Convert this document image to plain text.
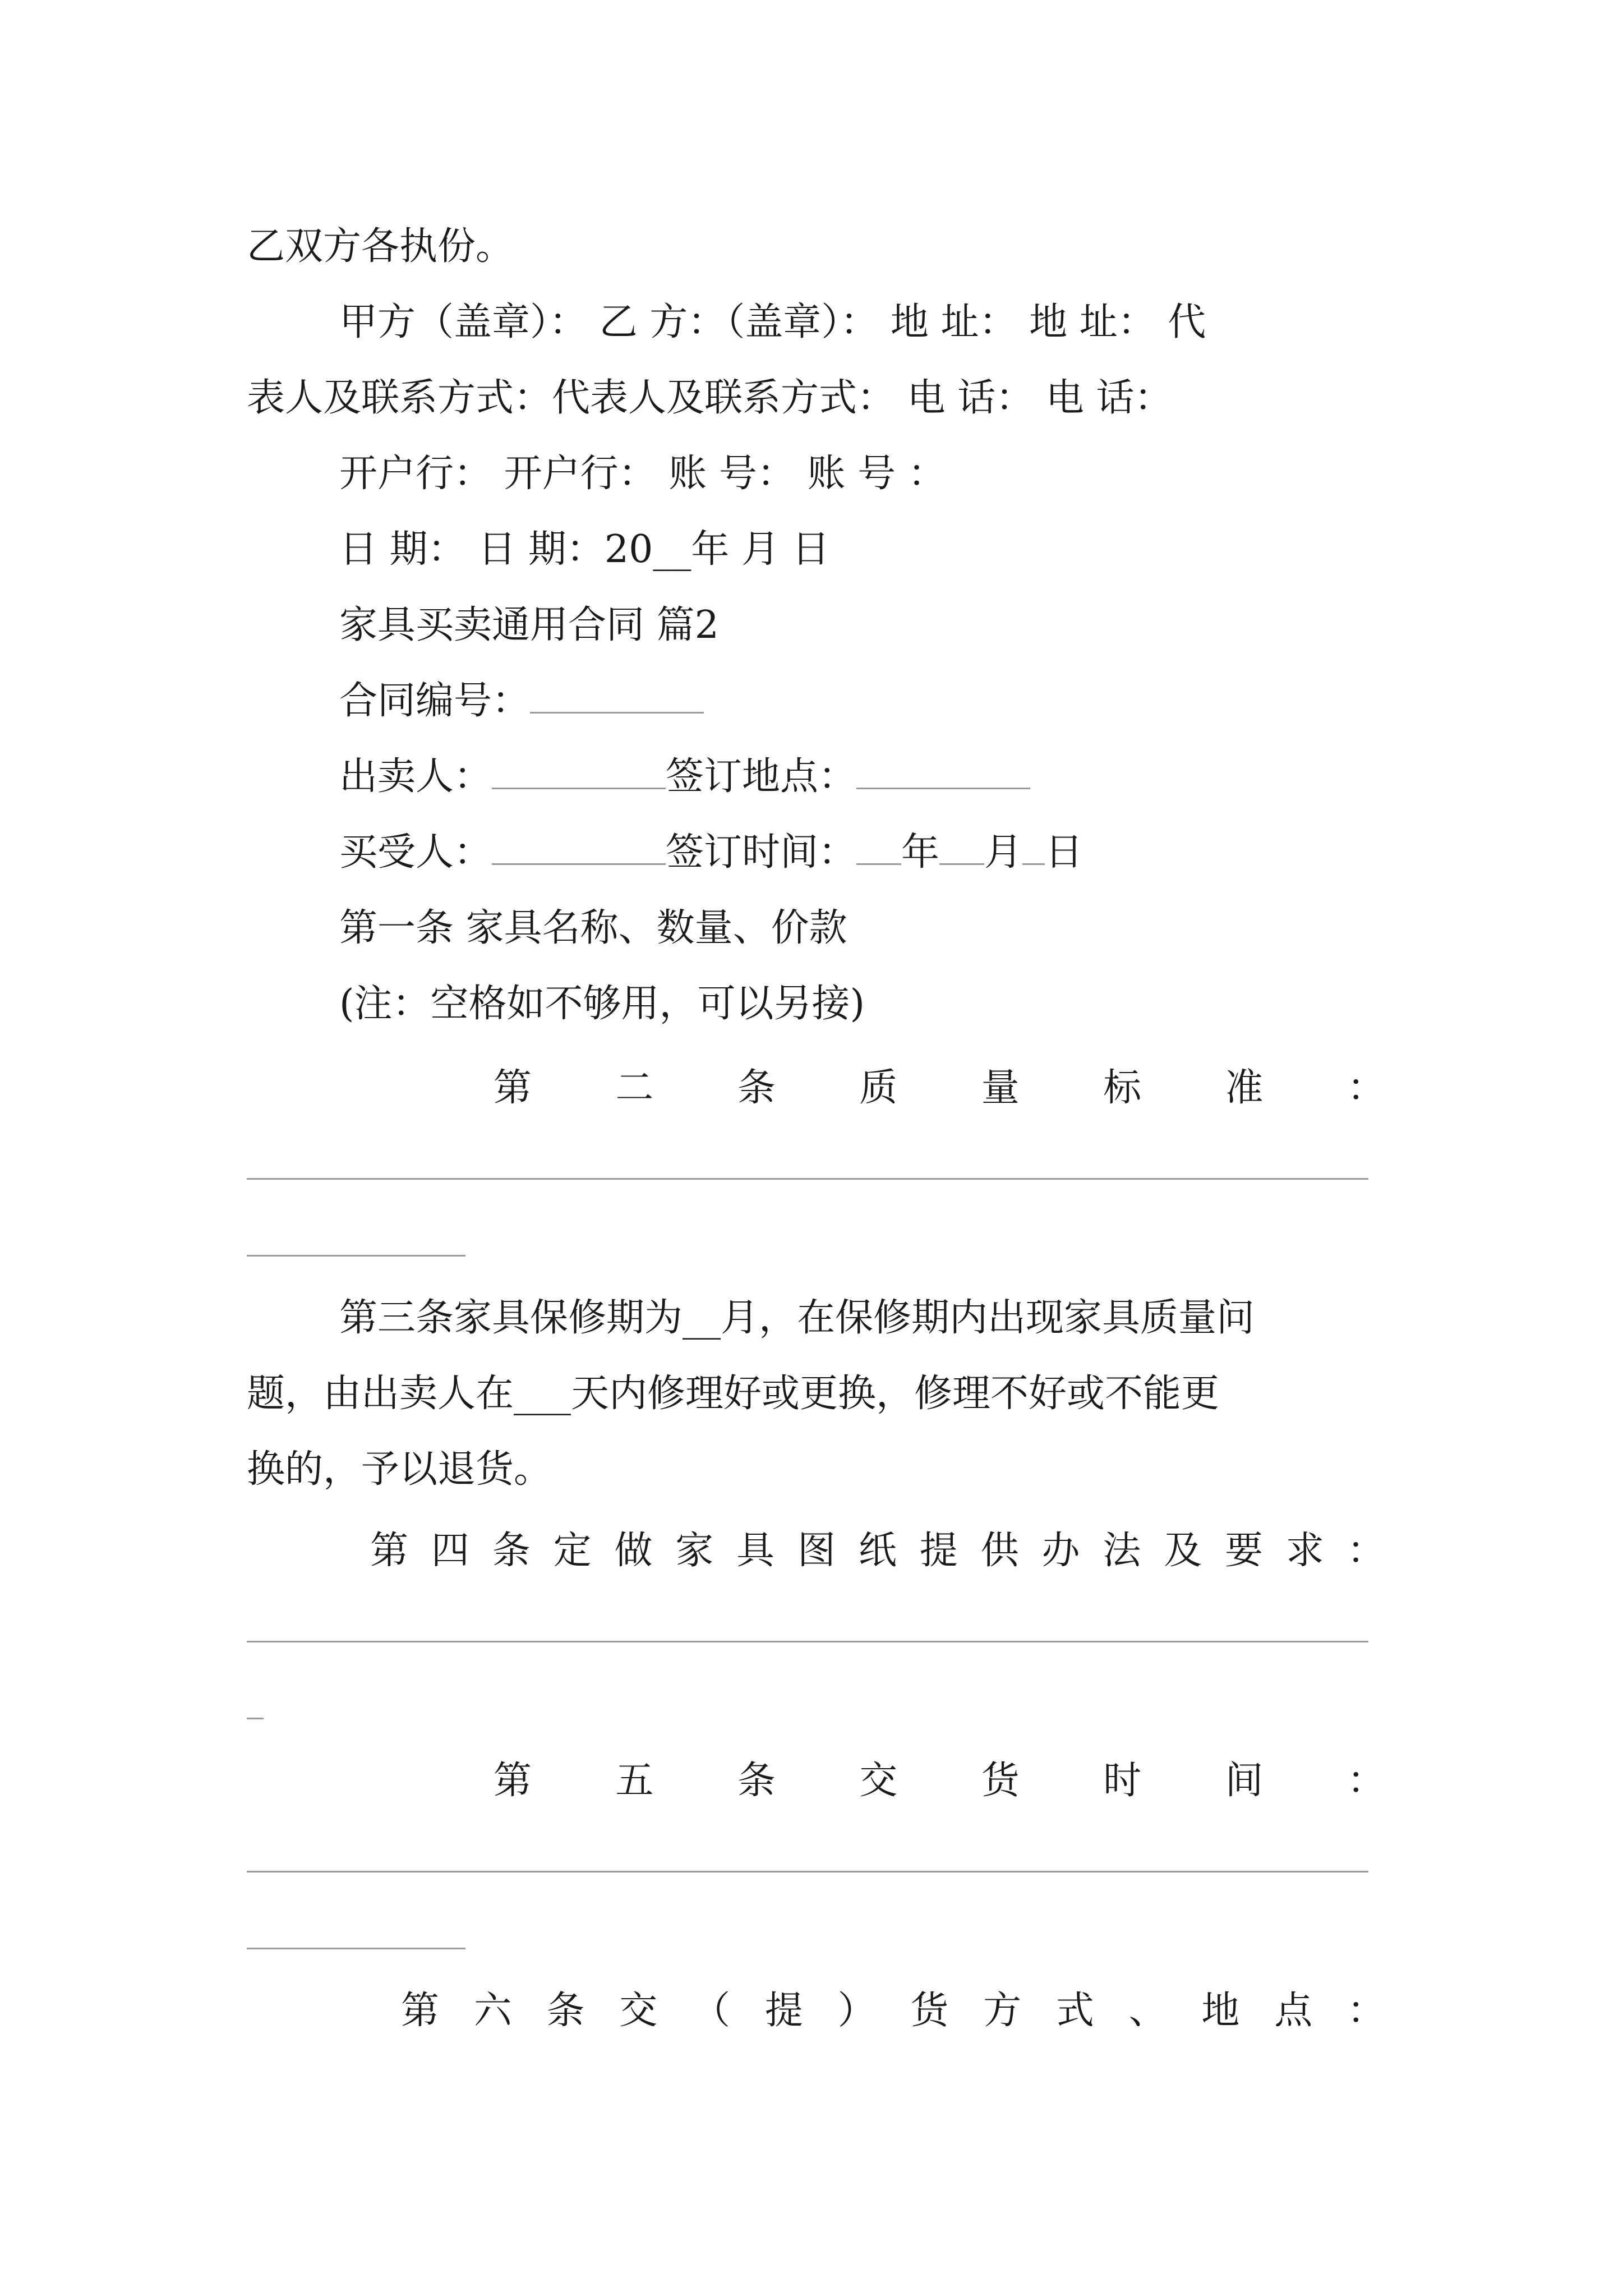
乙双方各执份。
甲方（盖章）： 乙 方：（盖章）： 地 址： 地 址： 代
表人及联系方式：代表人及联系方式： 电 话： 电 话：
开户行： 开户行： 账 号： 账 号 ：
日 期： 日 期：20__年 月 日
家具买卖通用合同 篇2
合同编号：
出卖人：	签订地点：
买受人：	签订时间： 年 月 日
第一条 家具名称、数量、价款
(注：空格如不够用，可以另接)
第 二 条 质 量 标 准 ：
第三条家具保修期为__月，在保修期内出现家具质量问
题，由出卖人在___天内修理好或更换，修理不好或不能更
换的，予以退货。
第 四 条 定 做 家 具 图 纸 提 供 办 法 及 要 求 ：
第 五 条 交 货 时 间 ：
第 六 条 交 （ 提 ） 货 方 式 、 地 点 ：
